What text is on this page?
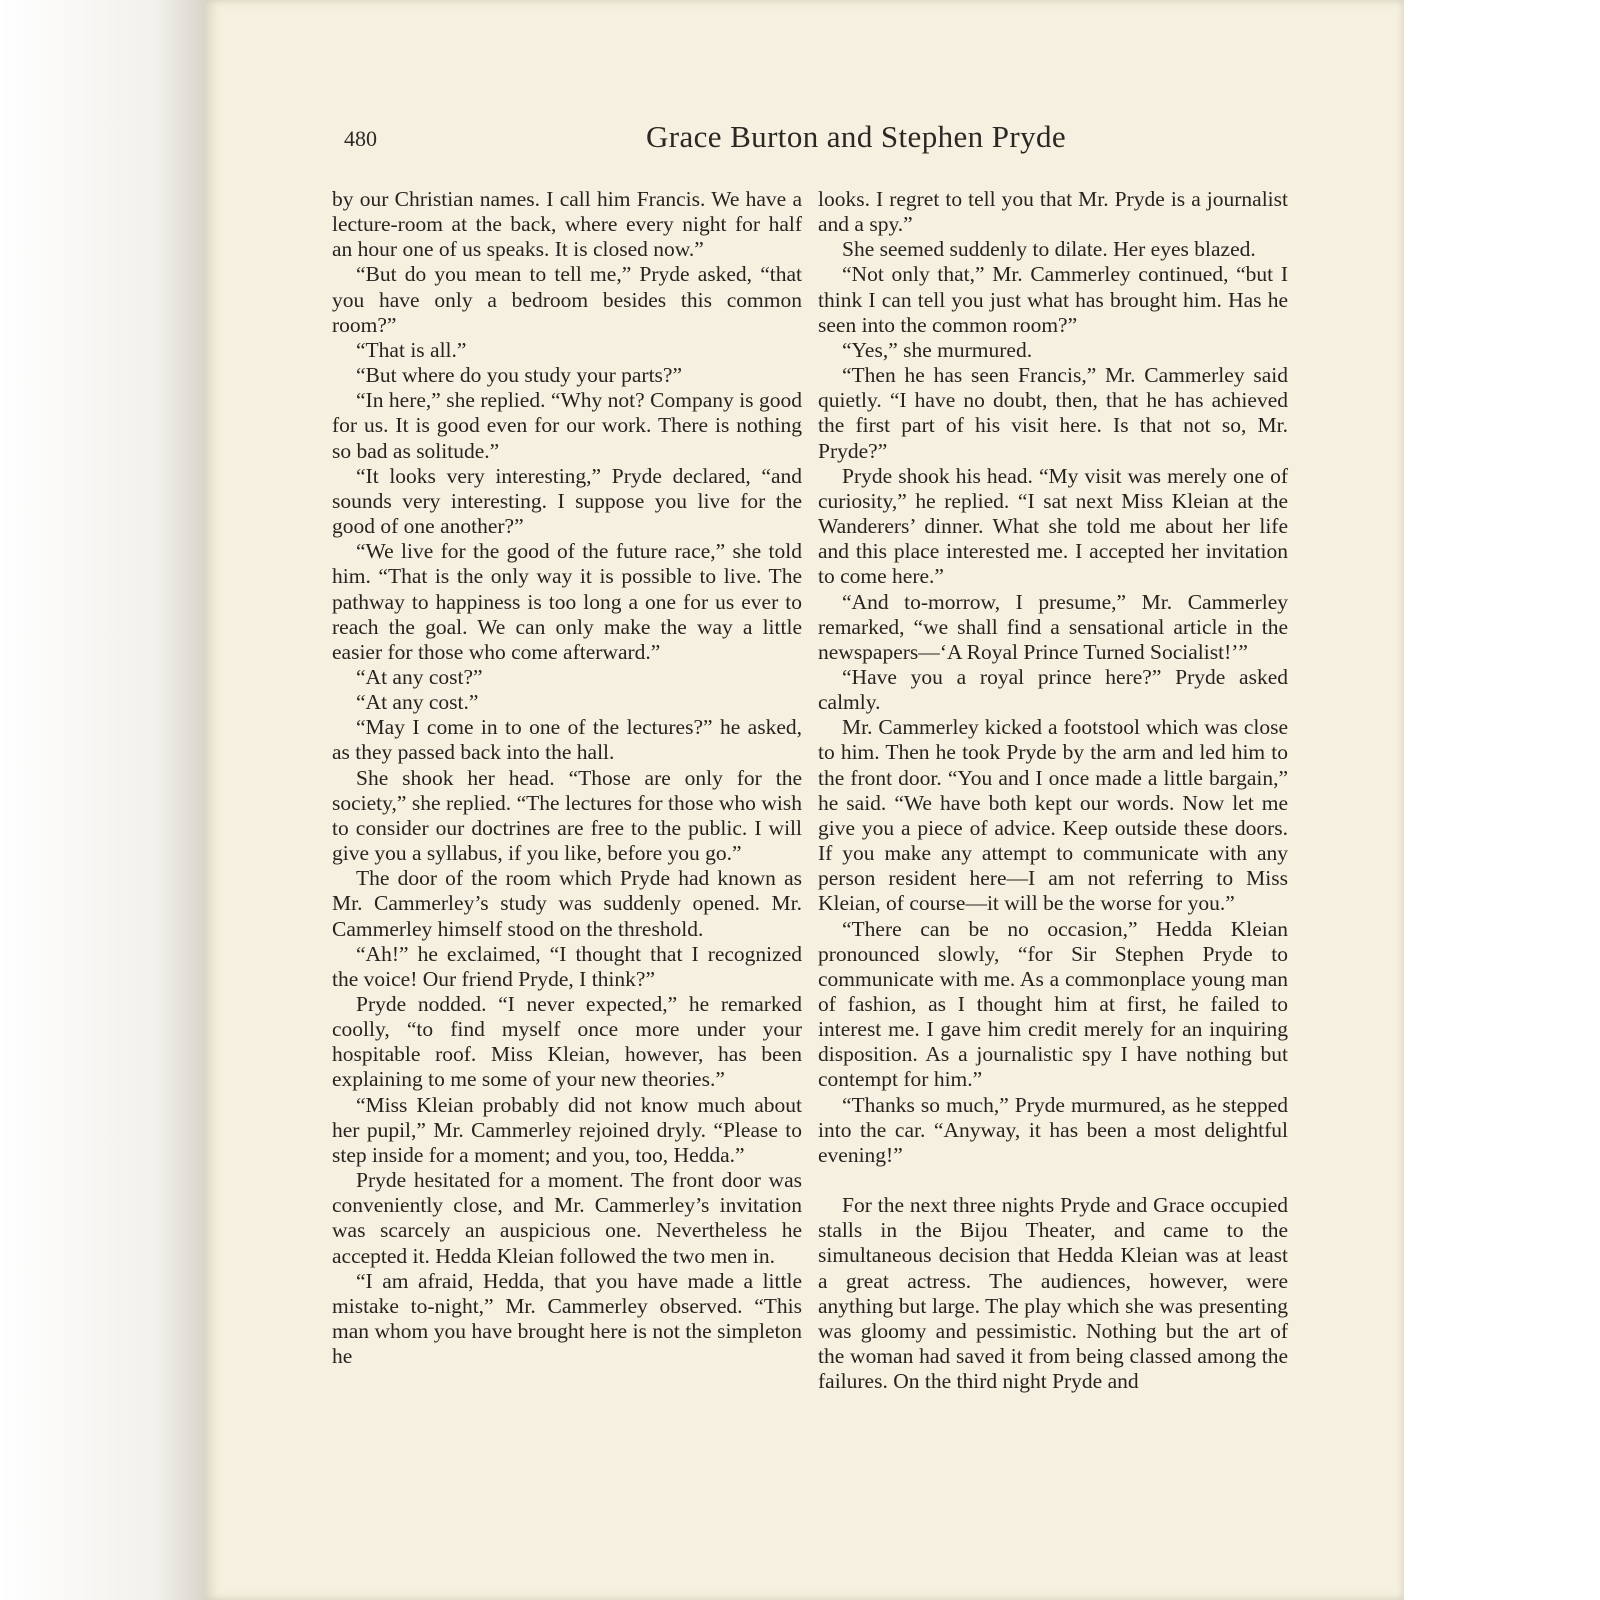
480	Grace Burton and Stephen Pryde

by our Christian names. I call him Francis. We have a lecture-room at the back, where every night for half an hour one of us speaks. It is closed now.”

“But do you mean to tell me,” Pryde asked, “that you have only a bedroom besides this common room?”

“That is all.”

“But where do you study your parts?”

“In here,” she replied. “Why not? Company is good for us. It is good even for our work. There is nothing so bad as solitude.”

“It looks very interesting,” Pryde declared, “and sounds very interesting. I suppose you live for the good of one another?”

“We live for the good of the future race,” she told him. “That is the only way it is possible to live. The pathway to happiness is too long a one for us ever to reach the goal. We can only make the way a little easier for those who come afterward.”

“At any cost?”

“At any cost.”

“May I come in to one of the lectures?” he asked, as they passed back into the hall.

She shook her head. “Those are only for the society,” she replied. “The lectures for those who wish to consider our doctrines are free to the public. I will give you a syllabus, if you like, before you go.”

The door of the room which Pryde had known as Mr. Cammerley’s study was suddenly opened. Mr. Cammerley himself stood on the threshold.

“Ah!” he exclaimed, “I thought that I recognized the voice! Our friend Pryde, I think?”

Pryde nodded. “I never expected,” he remarked coolly, “to find myself once more under your hospitable roof. Miss Kleian, however, has been explaining to me some of your new theories.”

“Miss Kleian probably did not know much about her pupil,” Mr. Cammerley rejoined dryly. “Please to step inside for a moment; and you, too, Hedda.”

Pryde hesitated for a moment. The front door was conveniently close, and Mr. Cammerley’s invitation was scarcely an auspicious one. Nevertheless he accepted it. Hedda Kleian followed the two men in.

“I am afraid, Hedda, that you have made a little mistake to-night,” Mr. Cammerley observed. “This man whom you have brought here is not the simpleton he

looks. I regret to tell you that Mr. Pryde is a journalist and a spy.”

She seemed suddenly to dilate. Her eyes blazed.

“Not only that,” Mr. Cammerley continued, “but I think I can tell you just what has brought him. Has he seen into the common room?”

“Yes,” she murmured.

“Then he has seen Francis,” Mr. Cammerley said quietly. “I have no doubt, then, that he has achieved the first part of his visit here. Is that not so, Mr. Pryde?”

Pryde shook his head. “My visit was merely one of curiosity,” he replied. “I sat next Miss Kleian at the Wanderers’ dinner. What she told me about her life and this place interested me. I accepted her invitation to come here.”

“And to-morrow, I presume,” Mr. Cammerley remarked, “we shall find a sensational article in the newspapers—‘A Royal Prince Turned Socialist!’”

“Have you a royal prince here?” Pryde asked calmly.

Mr. Cammerley kicked a footstool which was close to him. Then he took Pryde by the arm and led him to the front door. “You and I once made a little bargain,” he said. “We have both kept our words. Now let me give you a piece of advice. Keep outside these doors. If you make any attempt to communicate with any person resident here—I am not referring to Miss Kleian, of course—it will be the worse for you.”

“There can be no occasion,” Hedda Kleian pronounced slowly, “for Sir Stephen Pryde to communicate with me. As a commonplace young man of fashion, as I thought him at first, he failed to interest me. I gave him credit merely for an inquiring disposition. As a journalistic spy I have nothing but contempt for him.”

“Thanks so much,” Pryde murmured, as he stepped into the car. “Anyway, it has been a most delightful evening!”

For the next three nights Pryde and Grace occupied stalls in the Bijou Theater, and came to the simultaneous decision that Hedda Kleian was at least a great actress. The audiences, however, were anything but large. The play which she was presenting was gloomy and pessimistic. Nothing but the art of the woman had saved it from being classed among the failures. On the third night Pryde and
